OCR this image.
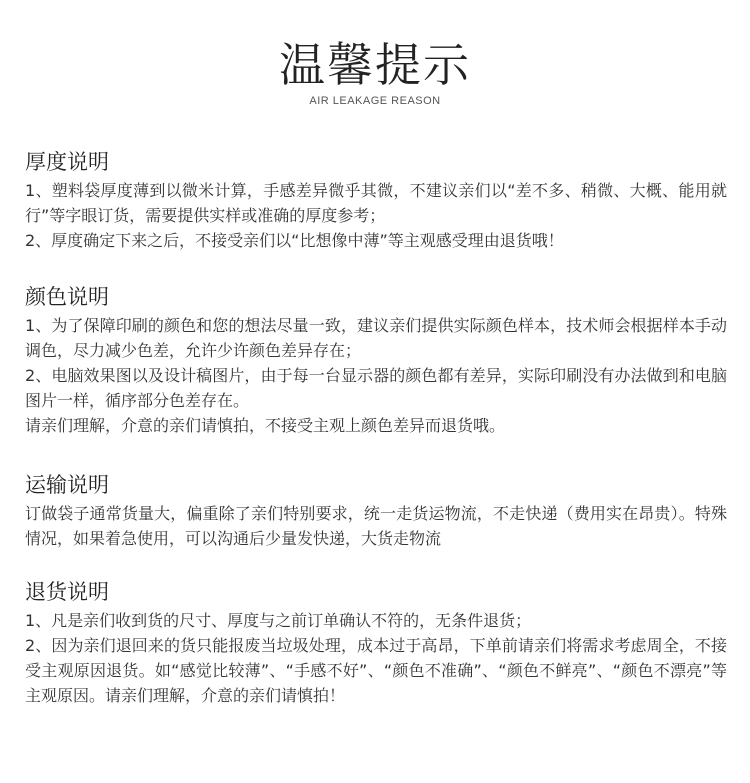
温馨提示
AIR LEAKAGE REASON
厚度说明

1、塑料袋厚度薄到以微米计算，手感差异微乎其微，不建议亲们以“差不多、稍微、大概、能用就行”等字眼订货，需要提供实样或准确的厚度参考；

2、厚度确定下来之后，不接受亲们以“比想像中薄”等主观感受理由退货哦！

颜色说明

1、为了保障印刷的颜色和您的想法尽量一致，建议亲们提供实际颜色样本，技术师会根据样本手动调色，尽力减少色差，允许少许颜色差异存在；

2、电脑效果图以及设计稿图片，由于每一台显示器的颜色都有差异，实际印刷没有办法做到和电脑图片一样，循序部分色差存在。

请亲们理解，介意的亲们请慎拍，不接受主观上颜色差异而退货哦。

运输说明

订做袋子通常货量大，偏重除了亲们特别要求，统一走货运物流，不走快递（费用实在昂贵）。特殊情况，如果着急使用，可以沟通后少量发快递，大货走物流

退货说明

1、凡是亲们收到货的尺寸、厚度与之前订单确认不符的，无条件退货；

2、因为亲们退回来的货只能报废当垃圾处理，成本过于高昂，下单前请亲们将需求考虑周全，不接受主观原因退货。如“感觉比较薄”、“手感不好”、“颜色不准确”、“颜色不鲜亮”、“颜色不漂亮”等主观原因。请亲们理解，介意的亲们请慎拍！
